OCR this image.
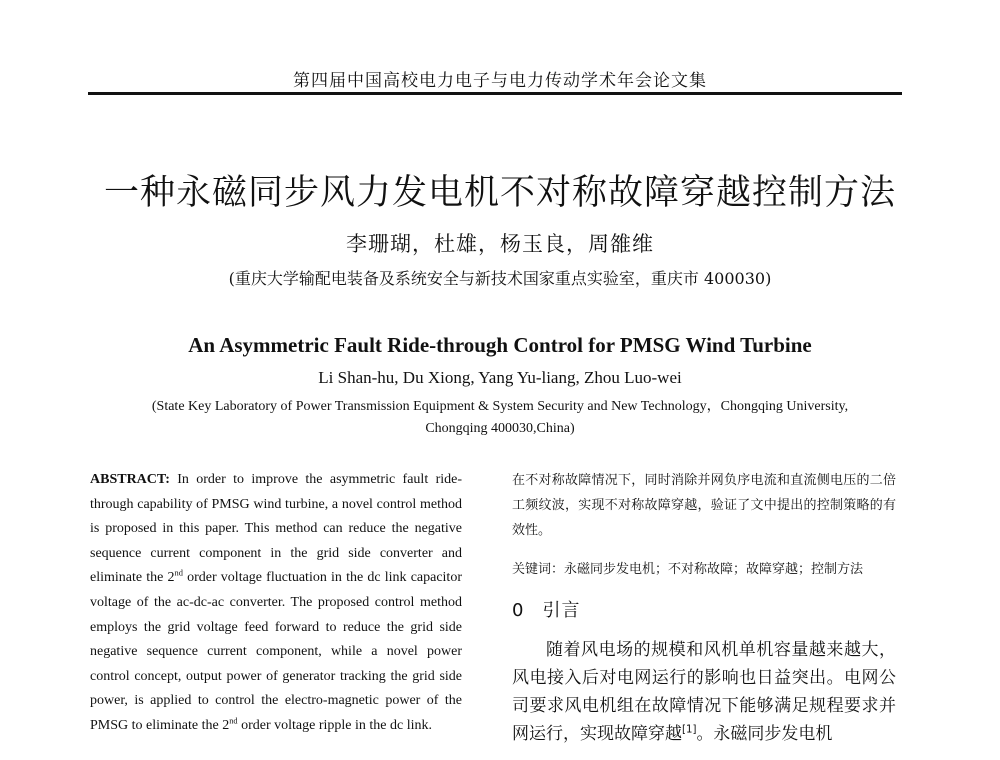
第四届中国高校电力电子与电力传动学术年会论文集
一种永磁同步风力发电机不对称故障穿越控制方法
李珊瑚，杜雄，杨玉良，周雒维
(重庆大学输配电装备及系统安全与新技术国家重点实验室，重庆市 400030)
An Asymmetric Fault Ride-through Control for PMSG Wind Turbine
Li Shan-hu, Du Xiong, Yang Yu-liang, Zhou Luo-wei
(State Key Laboratory of Power Transmission Equipment & System Security and New Technology，Chongqing University,
Chongqing 400030,China)
ABSTRACT: In order to improve the asymmetric fault ride-through capability of PMSG wind turbine, a novel control method is proposed in this paper. This method can reduce the negative sequence current component in the grid side converter and eliminate the 2nd order voltage fluctuation in the dc link capacitor voltage of the ac-dc-ac converter. The proposed control method employs the grid voltage feed forward to reduce the grid side negative sequence current component, while a novel power control concept, output power of generator tracking the grid side power, is applied to control the electro-magnetic power of the PMSG to eliminate the 2nd order voltage ripple in the dc link.

在不对称故障情况下，同时消除并网负序电流和直流侧电压的二倍工频纹波，实现不对称故障穿越，验证了文中提出的控制策略的有效性。

关键词：永磁同步发电机；不对称故障；故障穿越；控制方法

0 引言

随着风电场的规模和风机单机容量越来越大，风电接入后对电网运行的影响也日益突出。电网公司要求风电机组在故障情况下能够满足规程要求并网运行，实现故障穿越[1]。永磁同步发电机
